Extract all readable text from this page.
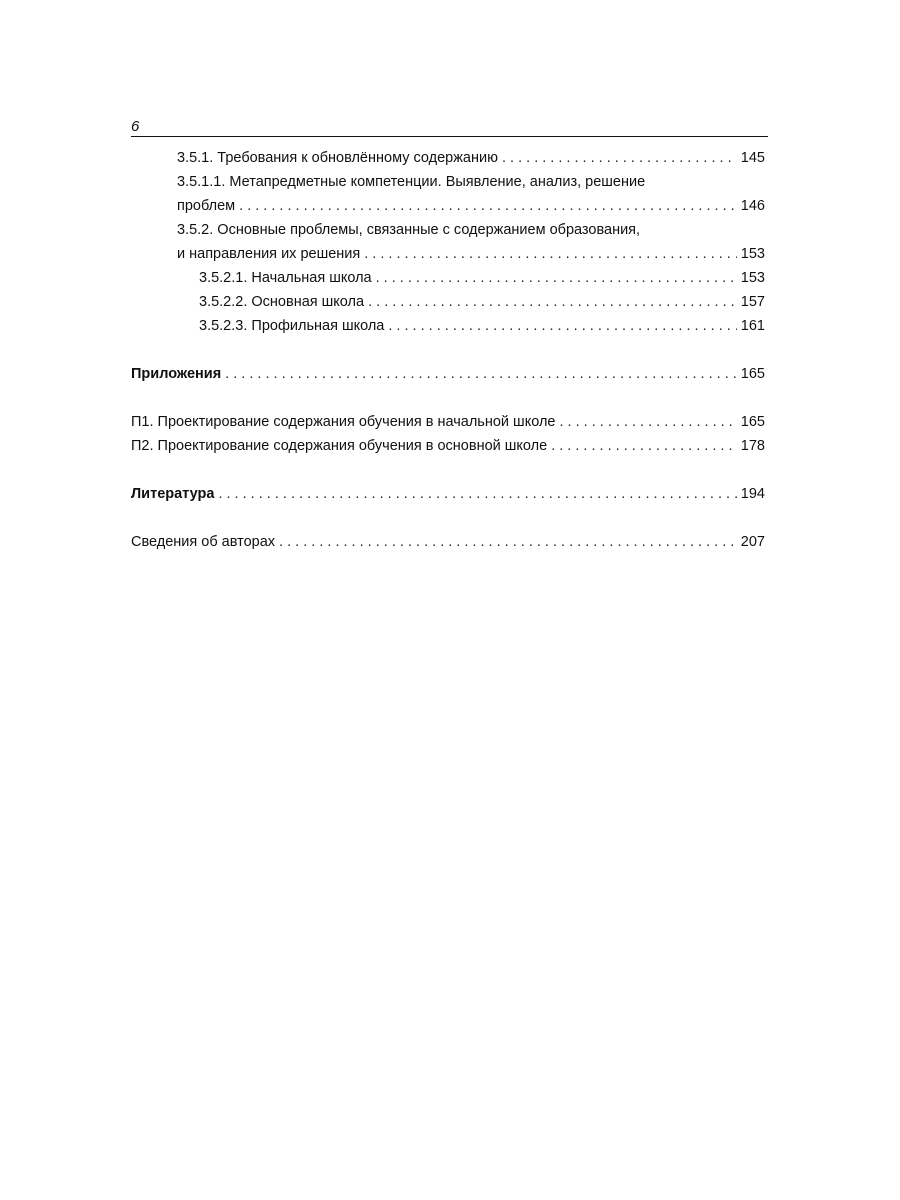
6
3.5.1. Требования к обновлённому содержанию . . .	145
3.5.1.1. Метапредметные компетенции. Выявление, анализ, решение
проблем . . .	146
3.5.2. Основные проблемы, связанные с содержанием образования,
и направления их решения . . .	153
3.5.2.1. Начальная школа . . .	153
3.5.2.2. Основная школа . . .	157
3.5.2.3. Профильная школа . . .	161
Приложения . . .	165
П1. Проектирование содержания обучения в начальной школе . . .	165
П2. Проектирование содержания обучения в основной школе . . .	178
Литература . . .	194
Сведения об авторах . . .	207
